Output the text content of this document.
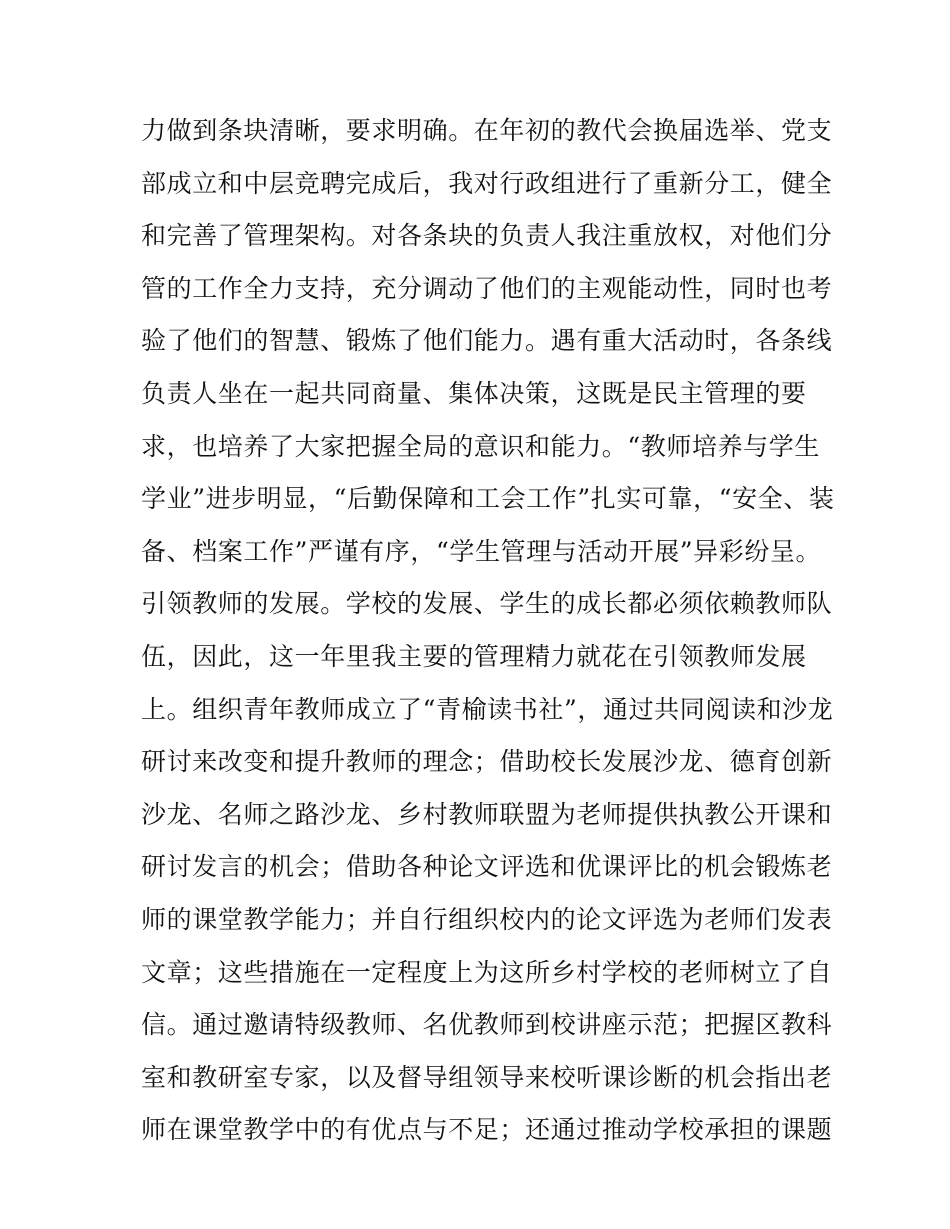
力做到条块清晰，要求明确。在年初的教代会换届选举、党支
部成立和中层竞聘完成后，我对行政组进行了重新分工，健全
和完善了管理架构。对各条块的负责人我注重放权，对他们分
管的工作全力支持，充分调动了他们的主观能动性，同时也考
验了他们的智慧、锻炼了他们能力。遇有重大活动时，各条线
负责人坐在一起共同商量、集体决策，这既是民主管理的要
求，也培养了大家把握全局的意识和能力。“教师培养与学生
学业”进步明显，“后勤保障和工会工作”扎实可靠，“安全、装
备、档案工作”严谨有序，“学生管理与活动开展”异彩纷呈。
引领教师的发展。学校的发展、学生的成长都必须依赖教师队
伍，因此，这一年里我主要的管理精力就花在引领教师发展
上。组织青年教师成立了“青榆读书社”，通过共同阅读和沙龙
研讨来改变和提升教师的理念；借助校长发展沙龙、德育创新
沙龙、名师之路沙龙、乡村教师联盟为老师提供执教公开课和
研讨发言的机会；借助各种论文评选和优课评比的机会锻炼老
师的课堂教学能力；并自行组织校内的论文评选为老师们发表
文章；这些措施在一定程度上为这所乡村学校的老师树立了自
信。通过邀请特级教师、名优教师到校讲座示范；把握区教科
室和教研室专家，以及督导组领导来校听课诊断的机会指出老
师在课堂教学中的有优点与不足；还通过推动学校承担的课题
